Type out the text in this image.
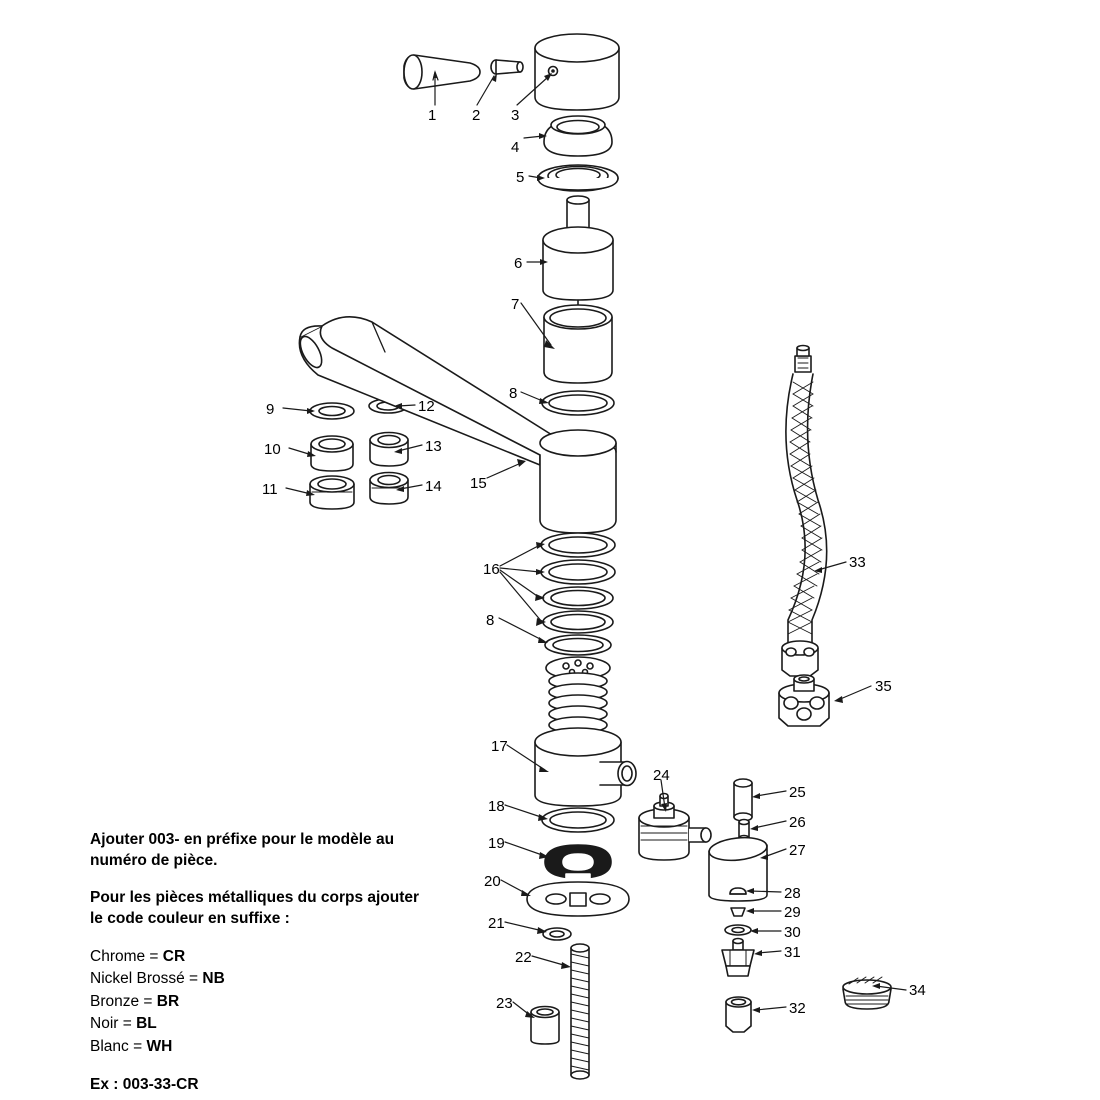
1 2 3
4
5
6
7
8
9
10
11
12
13
14 15
16
8
17
18
19
20
21
22
23
24
25
26
27
28
29
30
31
32
33
34
35

Ajouter 003- en préfixe pour le modèle au numéro de pièce.

Pour les pièces métalliques du corps ajouter le code couleur en suffixe :

Chrome = CR
Nickel Brossé = NB
Bronze = BR
Noir = BL
Blanc = WH
Ex : 003-33-CR
